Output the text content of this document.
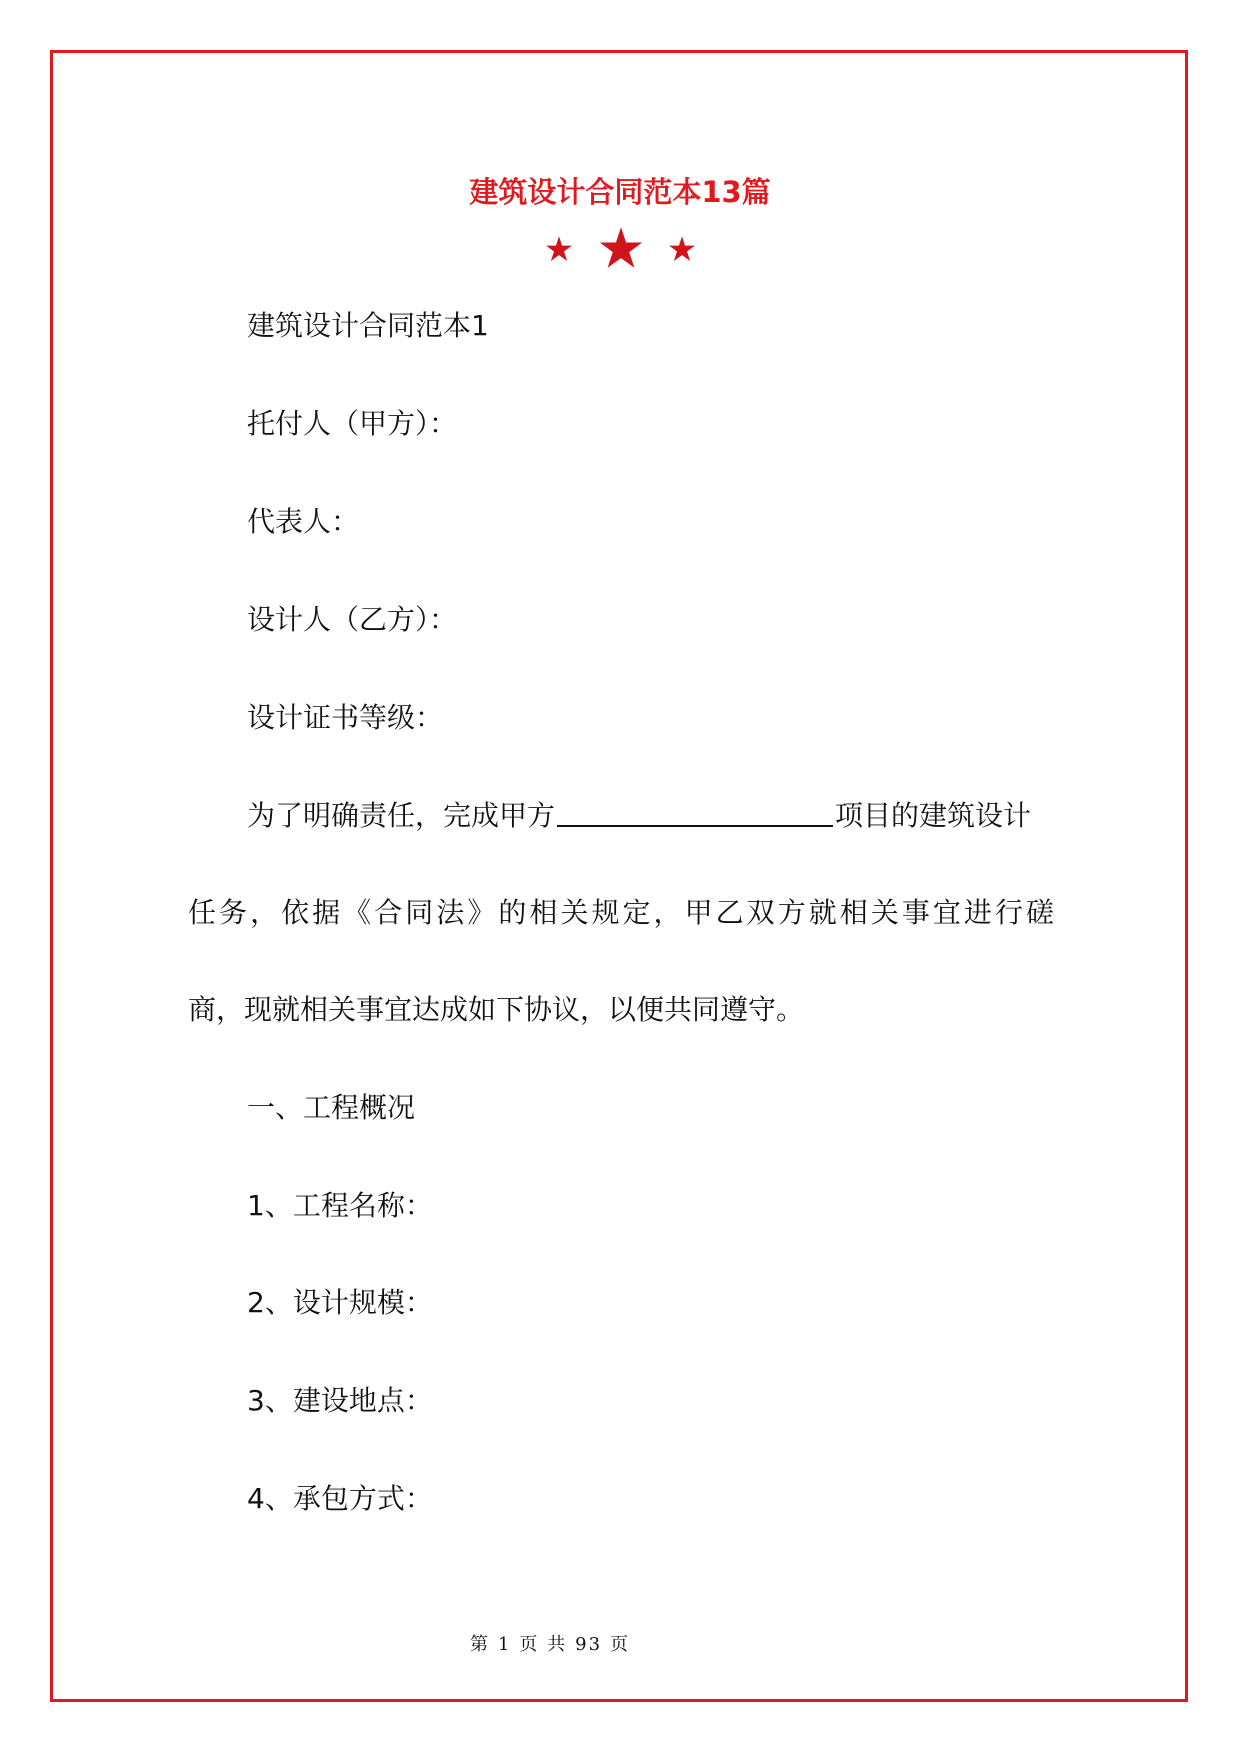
建筑设计合同范本13篇
建筑设计合同范本1
托付人（甲方）：
代表人：
设计人（乙方）：
设计证书等级：
为了明确责任，完成甲方	项目的建筑设计
任务，依据《合同法》的相关规定，甲乙双方就相关事宜进行磋
商，现就相关事宜达成如下协议，以便共同遵守。
一、工程概况
1、工程名称：
2、设计规模：
3、建设地点：
4、承包方式：
第 1 页 共 93 页
